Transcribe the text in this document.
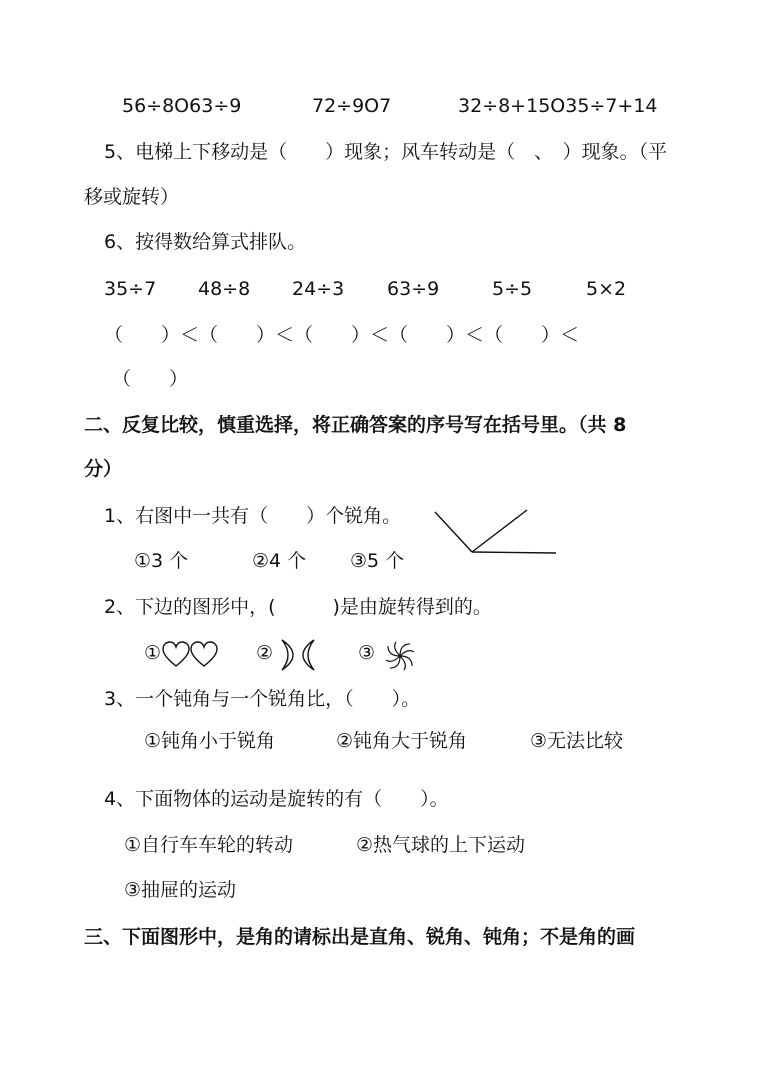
56÷8O63÷9	72÷9O7	32÷8+15O35÷7+14
5、电梯上下移动是（　　）现象；风车转动是（　、　）现象。（平
移或旋转）
6、按得数给算式排队。
35÷7 48÷8 24÷3 63÷9	5÷5	5×2
（　　）＜（　　）＜（　　）＜（　　）＜（　　）＜
（　　）
二、反复比较，慎重选择，将正确答案的序号写在括号里。（共 8
分）
1、右图中一共有（　　）个锐角。
①3 个	②4 个 ③5 个
2、下边的图形中，(　　　)是由旋转得到的。
①	②	③
3、一个钝角与一个锐角比，（　　）。
①钝角小于锐角	②钝角大于锐角	③无法比较
4、下面物体的运动是旋转的有（　　）。
①自行车车轮的转动	②热气球的上下运动
③抽屉的运动
三、下面图形中，是角的请标出是直角、锐角、钝角；不是角的画
